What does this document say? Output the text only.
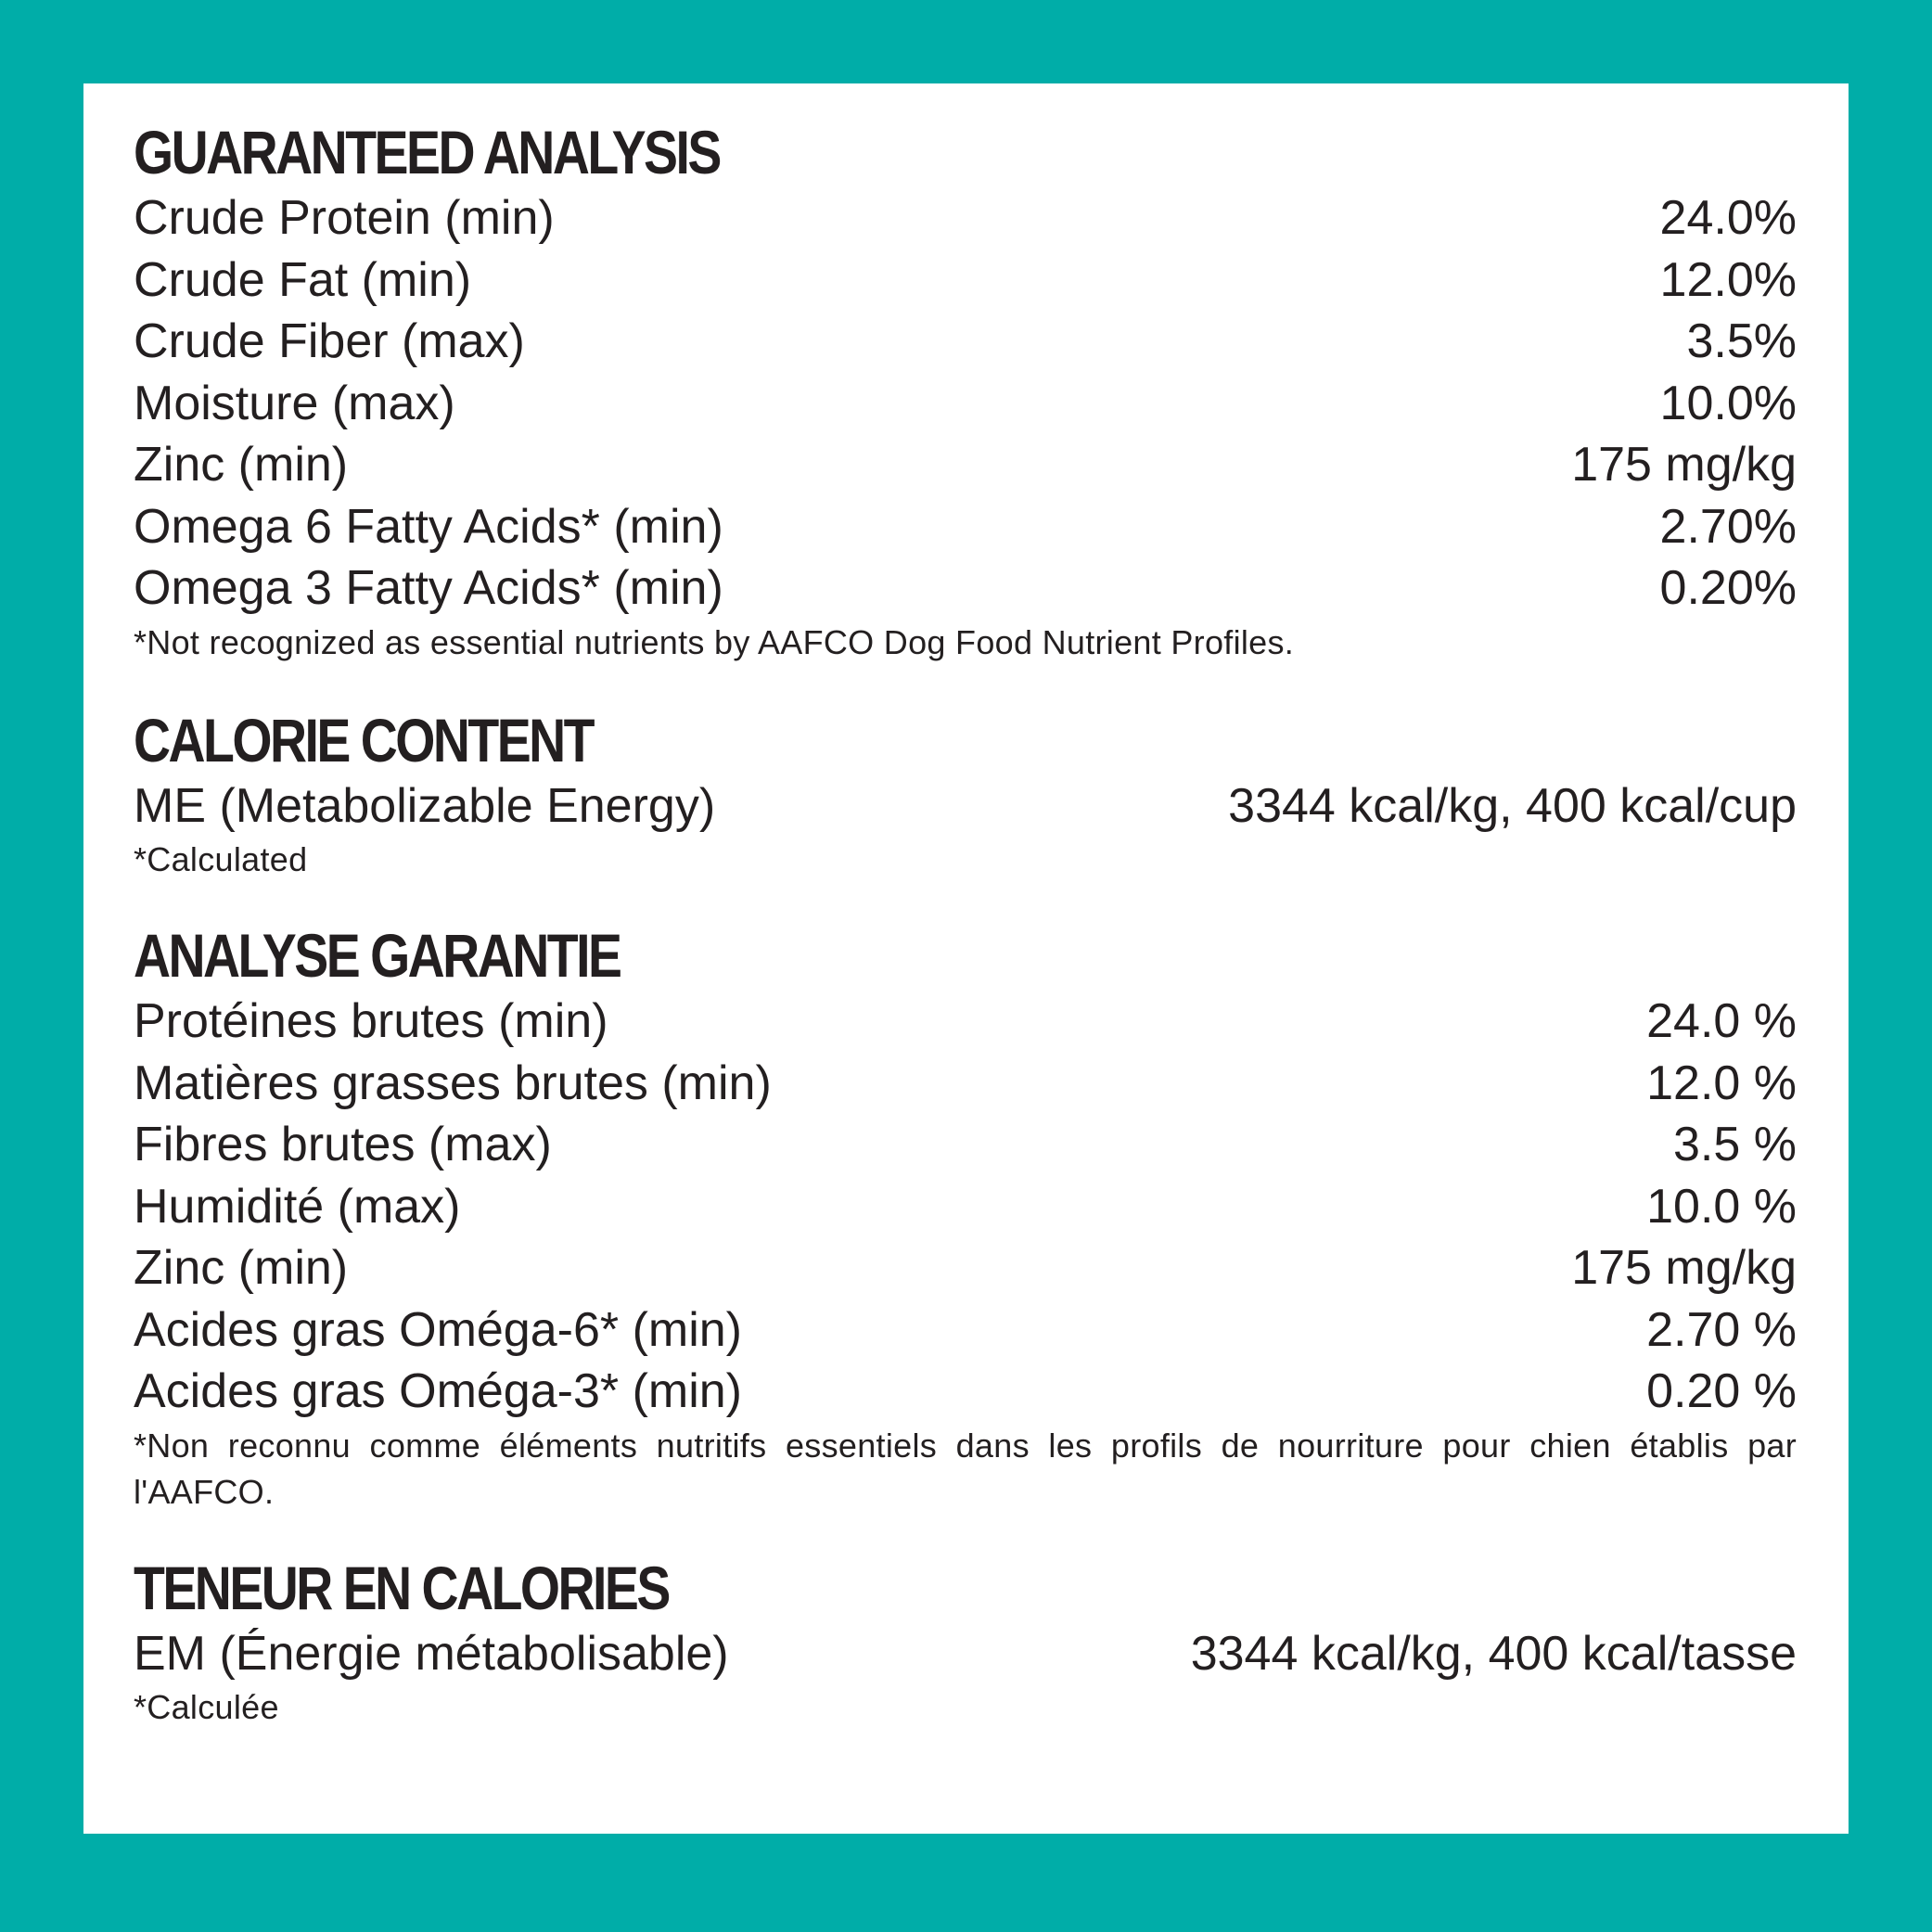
GUARANTEED ANALYSIS
Crude Protein (min)	24.0%
Crude Fat (min)	12.0%
Crude Fiber (max)	3.5%
Moisture (max)	10.0%
Zinc (min)	175 mg/kg
Omega 6 Fatty Acids* (min)	2.70%
Omega 3 Fatty Acids* (min)	0.20%

*Not recognized as essential nutrients by AAFCO Dog Food Nutrient Profiles.

CALORIE CONTENT
ME (Metabolizable Energy)	3344 kcal/kg, 400 kcal/cup

*Calculated

ANALYSE GARANTIE
Protéines brutes (min)	24.0 %
Matières grasses brutes (min)	12.0 %
Fibres brutes (max)	3.5 %
Humidité (max)	10.0 %
Zinc (min)	175 mg/kg
Acides gras Oméga-6* (min)	2.70 %
Acides gras Oméga-3* (min)	0.20 %

*Non reconnu comme éléments nutritifs essentiels dans les profils de nourriture pour chien établis par l'AAFCO.

TENEUR EN CALORIES
EM (Énergie métabolisable)	3344 kcal/kg, 400 kcal/tasse

*Calculée
